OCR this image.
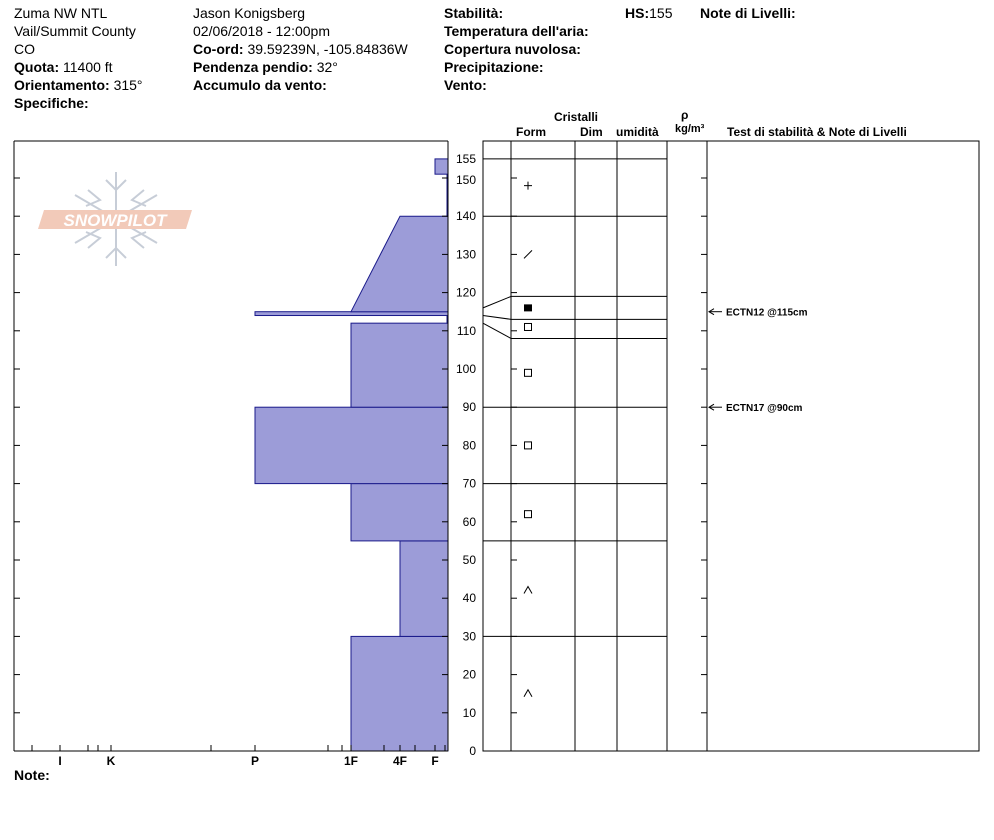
Zuma NW NTL
Vail/Summit County
CO
Quota: 11400 ft
Orientamento: 315°
Specifiche:
Jason Konigsberg
02/06/2018 - 12:00pm
Co-ord: 39.59239N, -105.84836W
Pendenza pendio: 32°
Accumulo da vento:
Stabilità:
Temperatura dell'aria:
Copertura nuvolosa:
Precipitazione:
Vento:
HS:155 Note di Livelli:
Cristalli
Form	Dim umidità
ρ
kg/m³ Test di stabilità & Note di Livelli
Note:
SNOWPILOT
I	K	P	1F	4F F
0
10
20
30
40
50
60
70
80
90
100
110
120
130
140
150
155
ECTN12 @115cm
ECTN17 @90cm
